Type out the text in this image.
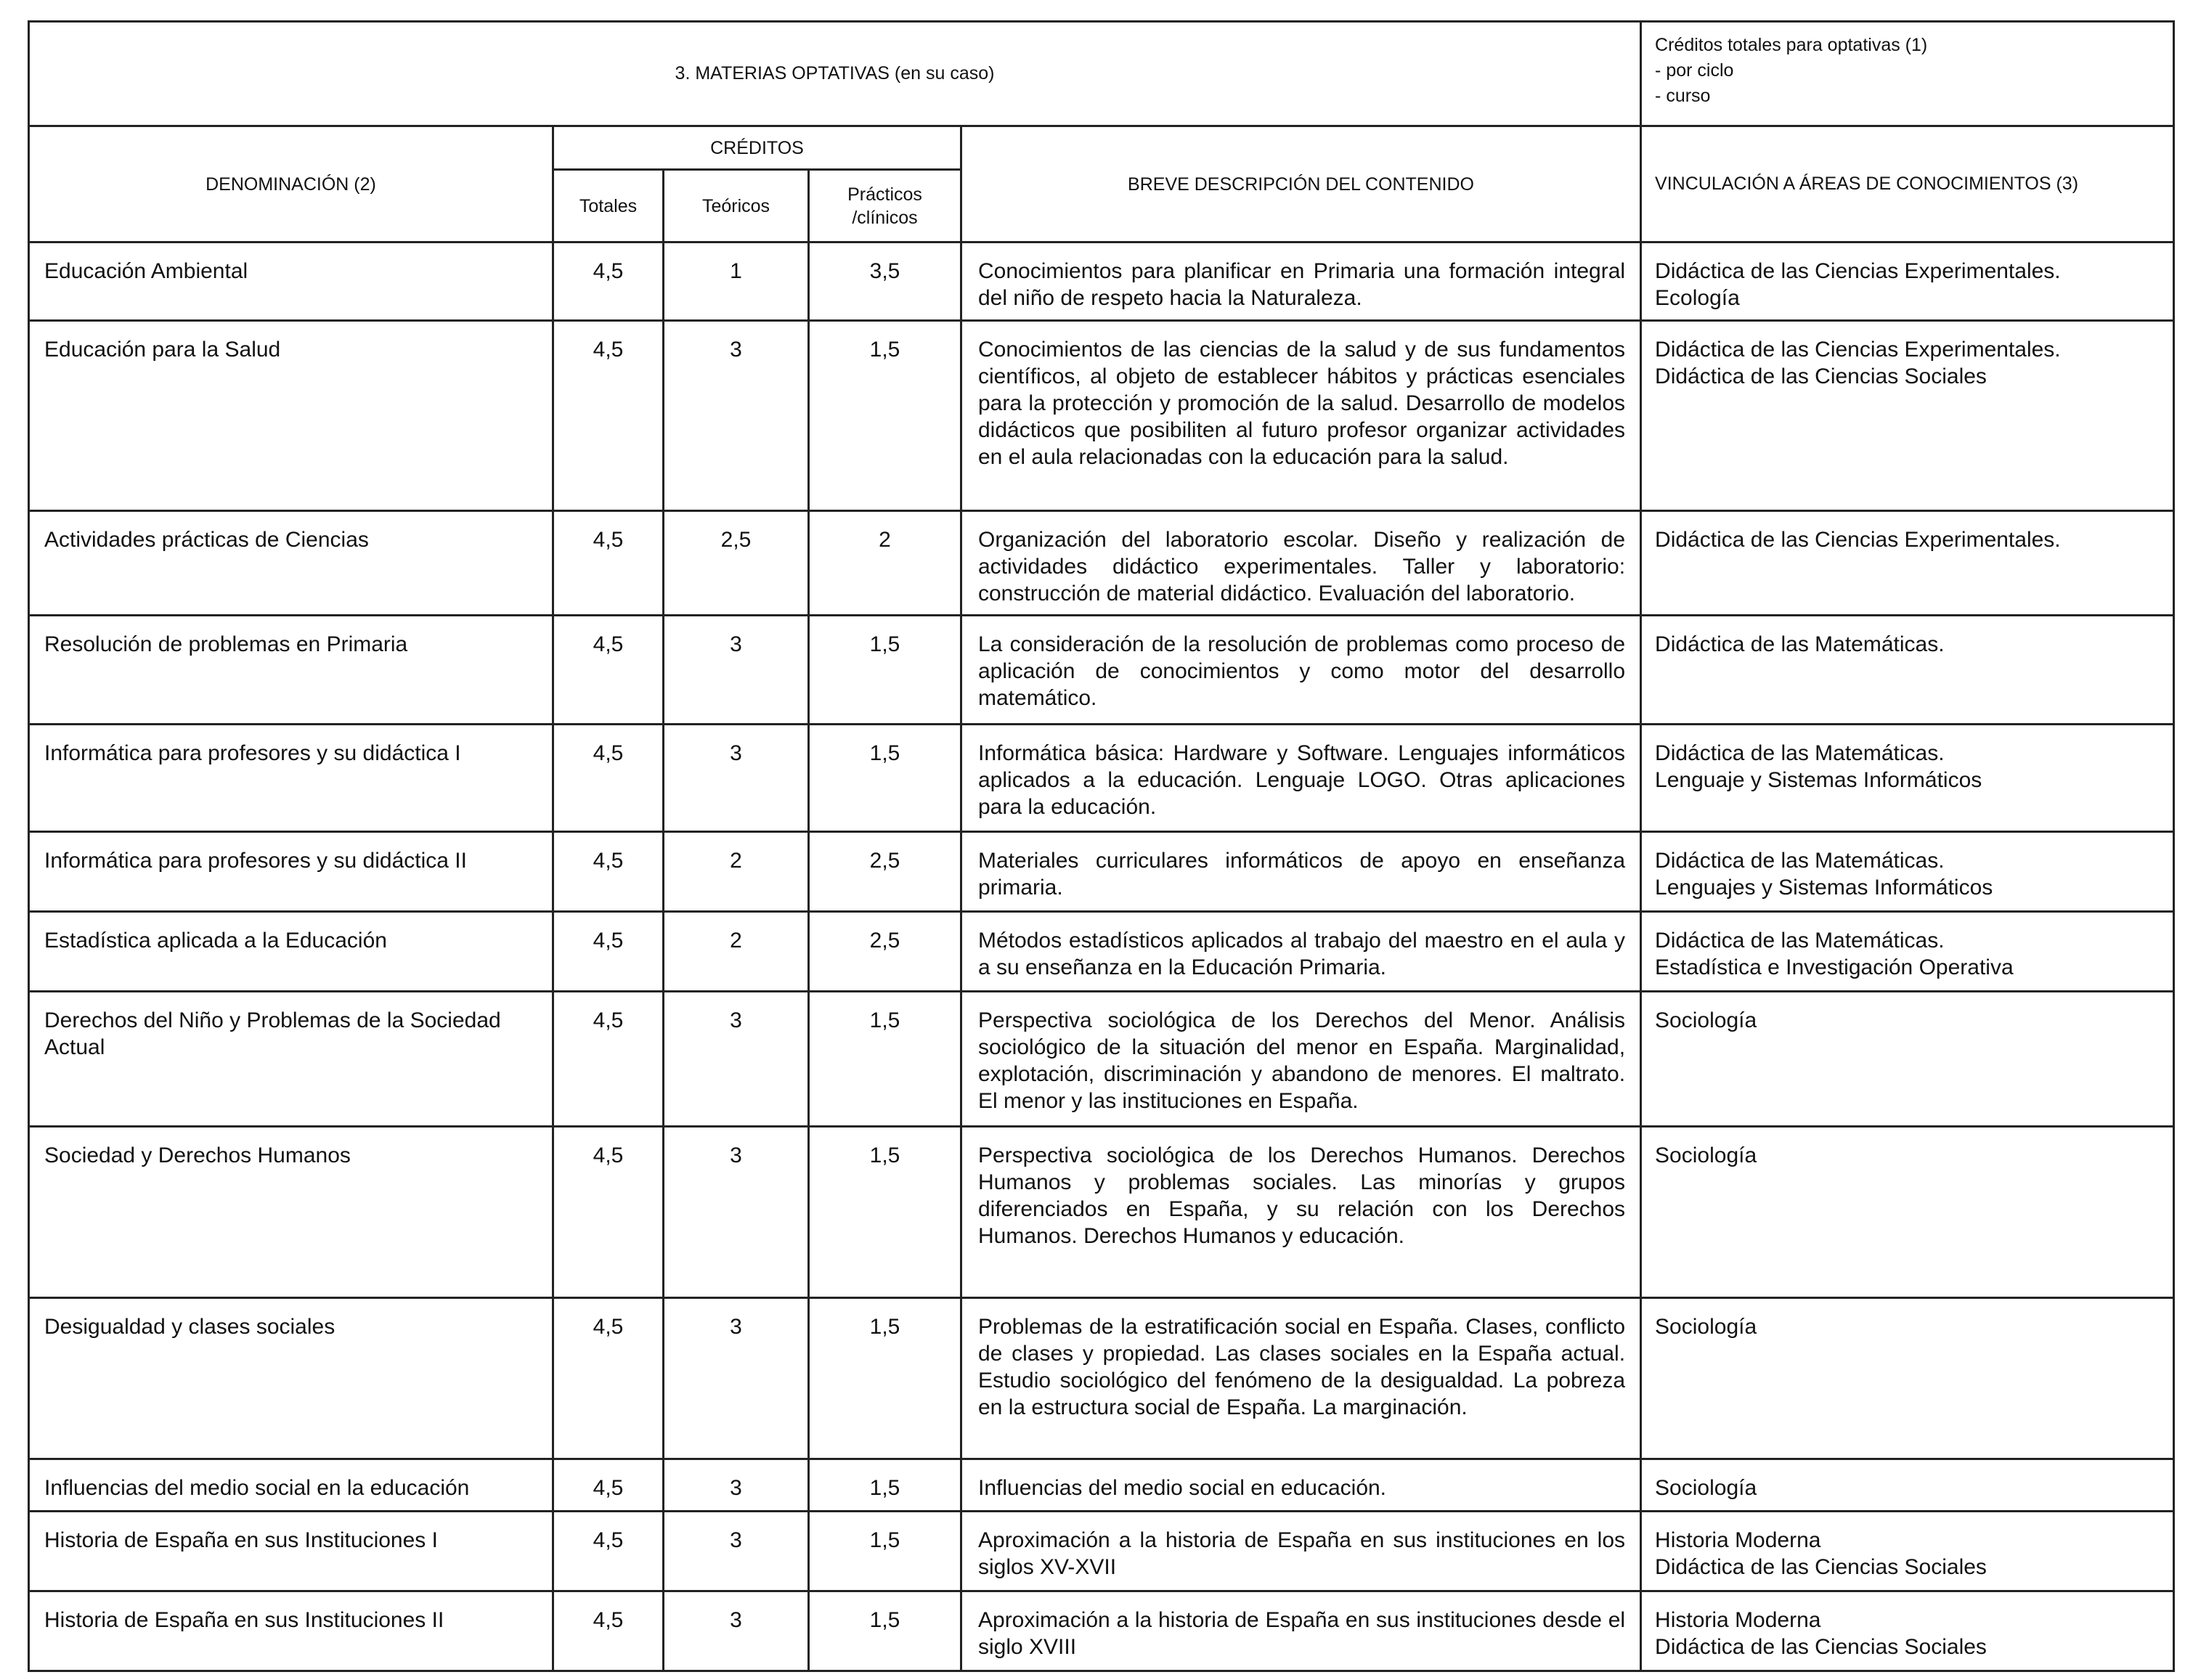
3. MATERIAS OPTATIVAS (en su caso)					Créditos totales para optativas (1)
- por ciclo
- curso

DENOMINACIÓN (2)	CRÉDITOS			BREVE DESCRIPCIÓN DEL CONTENIDO	VINCULACIÓN A ÁREAS DE CONOCIMIENTOS (3)
	Totales	Teóricos	Prácticos
/clínicos		

Educación Ambiental	4,5	1	3,5	Conocimientos para planificar en Primaria una formación integral del niño de respeto hacia la Naturaleza.	Didáctica de las Ciencias Experimentales.
Ecología

Educación para la Salud	4,5	3	1,5	Conocimientos de las ciencias de la salud y de sus fundamentos científicos, al objeto de establecer hábitos y prácticas esenciales para la protección y promoción de la salud. Desarrollo de modelos didácticos que posibiliten al futuro profesor organizar actividades en el aula relacionadas con la educación para la salud.	Didáctica de las Ciencias Experimentales.
Didáctica de las Ciencias Sociales

Actividades prácticas de Ciencias	4,5	2,5	2	Organización del laboratorio escolar. Diseño y realización de actividades didáctico experimentales. Taller y laboratorio: construcción de material didáctico. Evaluación del laboratorio.	Didáctica de las Ciencias Experimentales.

Resolución de problemas en Primaria	4,5	3	1,5	La consideración de la resolución de problemas como proceso de aplicación de conocimientos y como motor del desarrollo matemático.	Didáctica de las Matemáticas.

Informática para profesores y su didáctica I	4,5	3	1,5	Informática básica: Hardware y Software. Lenguajes informáticos aplicados a la educación. Lenguaje LOGO. Otras aplicaciones para la educación.	Didáctica de las Matemáticas.
Lenguaje y Sistemas Informáticos

Informática para profesores y su didáctica II	4,5	2	2,5	Materiales curriculares informáticos de apoyo en enseñanza primaria.	Didáctica de las Matemáticas.
Lenguajes y Sistemas Informáticos

Estadística aplicada a la Educación	4,5	2	2,5	Métodos estadísticos aplicados al trabajo del maestro en el aula y a su enseñanza en la Educación Primaria.	Didáctica de las Matemáticas.
Estadística e Investigación Operativa

Derechos del Niño y Problemas de la Sociedad Actual	4,5	3	1,5	Perspectiva sociológica de los Derechos del Menor. Análisis sociológico de la situación del menor en España. Marginalidad, explotación, discriminación y abandono de menores. El maltrato. El menor y las instituciones en España.	Sociología

Sociedad y Derechos Humanos	4,5	3	1,5	Perspectiva sociológica de los Derechos Humanos. Derechos Humanos y problemas sociales. Las minorías y grupos diferenciados en España, y su relación con los Derechos Humanos. Derechos Humanos y educación.	Sociología

Desigualdad y clases sociales	4,5	3	1,5	Problemas de la estratificación social en España. Clases, conflicto de clases y propiedad. Las clases sociales en la España actual. Estudio sociológico del fenómeno de la desigualdad. La pobreza en la estructura social de España. La marginación.	Sociología

Influencias del medio social en la educación	4,5	3	1,5	Influencias del medio social en educación.	Sociología

Historia de España en sus Instituciones I	4,5	3	1,5	Aproximación a la historia de España en sus instituciones en los siglos XV-XVII	Historia Moderna
Didáctica de las Ciencias Sociales

Historia de España en sus Instituciones II	4,5	3	1,5	Aproximación a la historia de España en sus instituciones desde el siglo XVIII	Historia Moderna
Didáctica de las Ciencias Sociales
